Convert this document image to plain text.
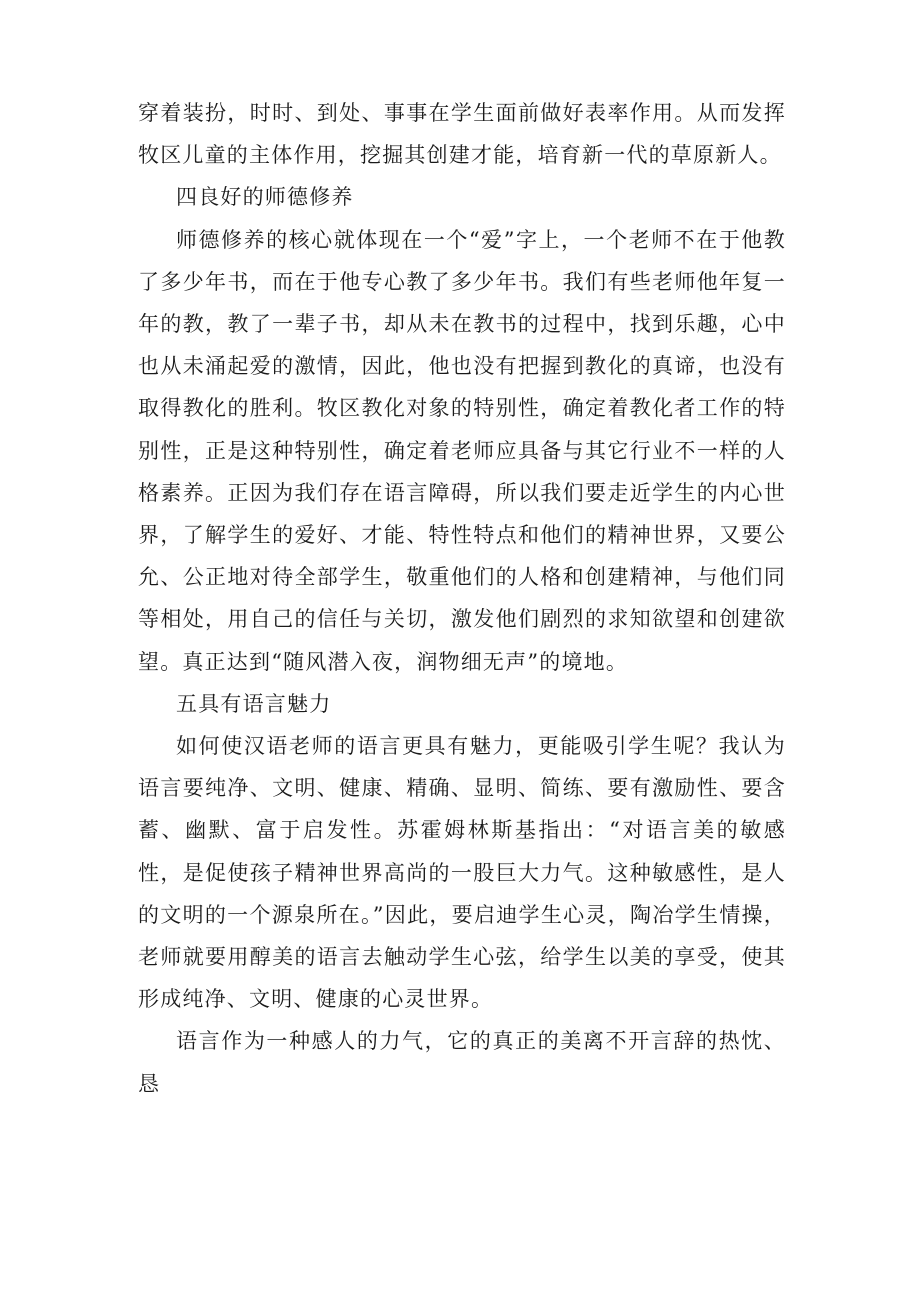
穿着装扮，时时、到处、事事在学生面前做好表率作用。从而发挥牧区儿童的主体作用，挖掘其创建才能，培育新一代的草原新人。

四良好的师德修养

师德修养的核心就体现在一个“爱”字上，一个老师不在于他教了多少年书，而在于他专心教了多少年书。我们有些老师他年复一年的教，教了一辈子书，却从未在教书的过程中，找到乐趣，心中也从未涌起爱的激情，因此，他也没有把握到教化的真谛，也没有取得教化的胜利。牧区教化对象的特别性，确定着教化者工作的特别性，正是这种特别性，确定着老师应具备与其它行业不一样的人格素养。正因为我们存在语言障碍，所以我们要走近学生的内心世界，了解学生的爱好、才能、特性特点和他们的精神世界，又要公允、公正地对待全部学生，敬重他们的人格和创建精神，与他们同等相处，用自己的信任与关切，激发他们剧烈的求知欲望和创建欲望。真正达到“随风潜入夜，润物细无声”的境地。

五具有语言魅力

如何使汉语老师的语言更具有魅力，更能吸引学生呢？我认为语言要纯净、文明、健康、精确、显明、简练、要有激励性、要含蓄、幽默、富于启发性。苏霍姆林斯基指出：“对语言美的敏感性，是促使孩子精神世界高尚的一股巨大力气。这种敏感性，是人的文明的一个源泉所在。”因此，要启迪学生心灵，陶冶学生情操，老师就要用醇美的语言去触动学生心弦，给学生以美的享受，使其形成纯净、文明、健康的心灵世界。

语言作为一种感人的力气，它的真正的美离不开言辞的热忱、恳
